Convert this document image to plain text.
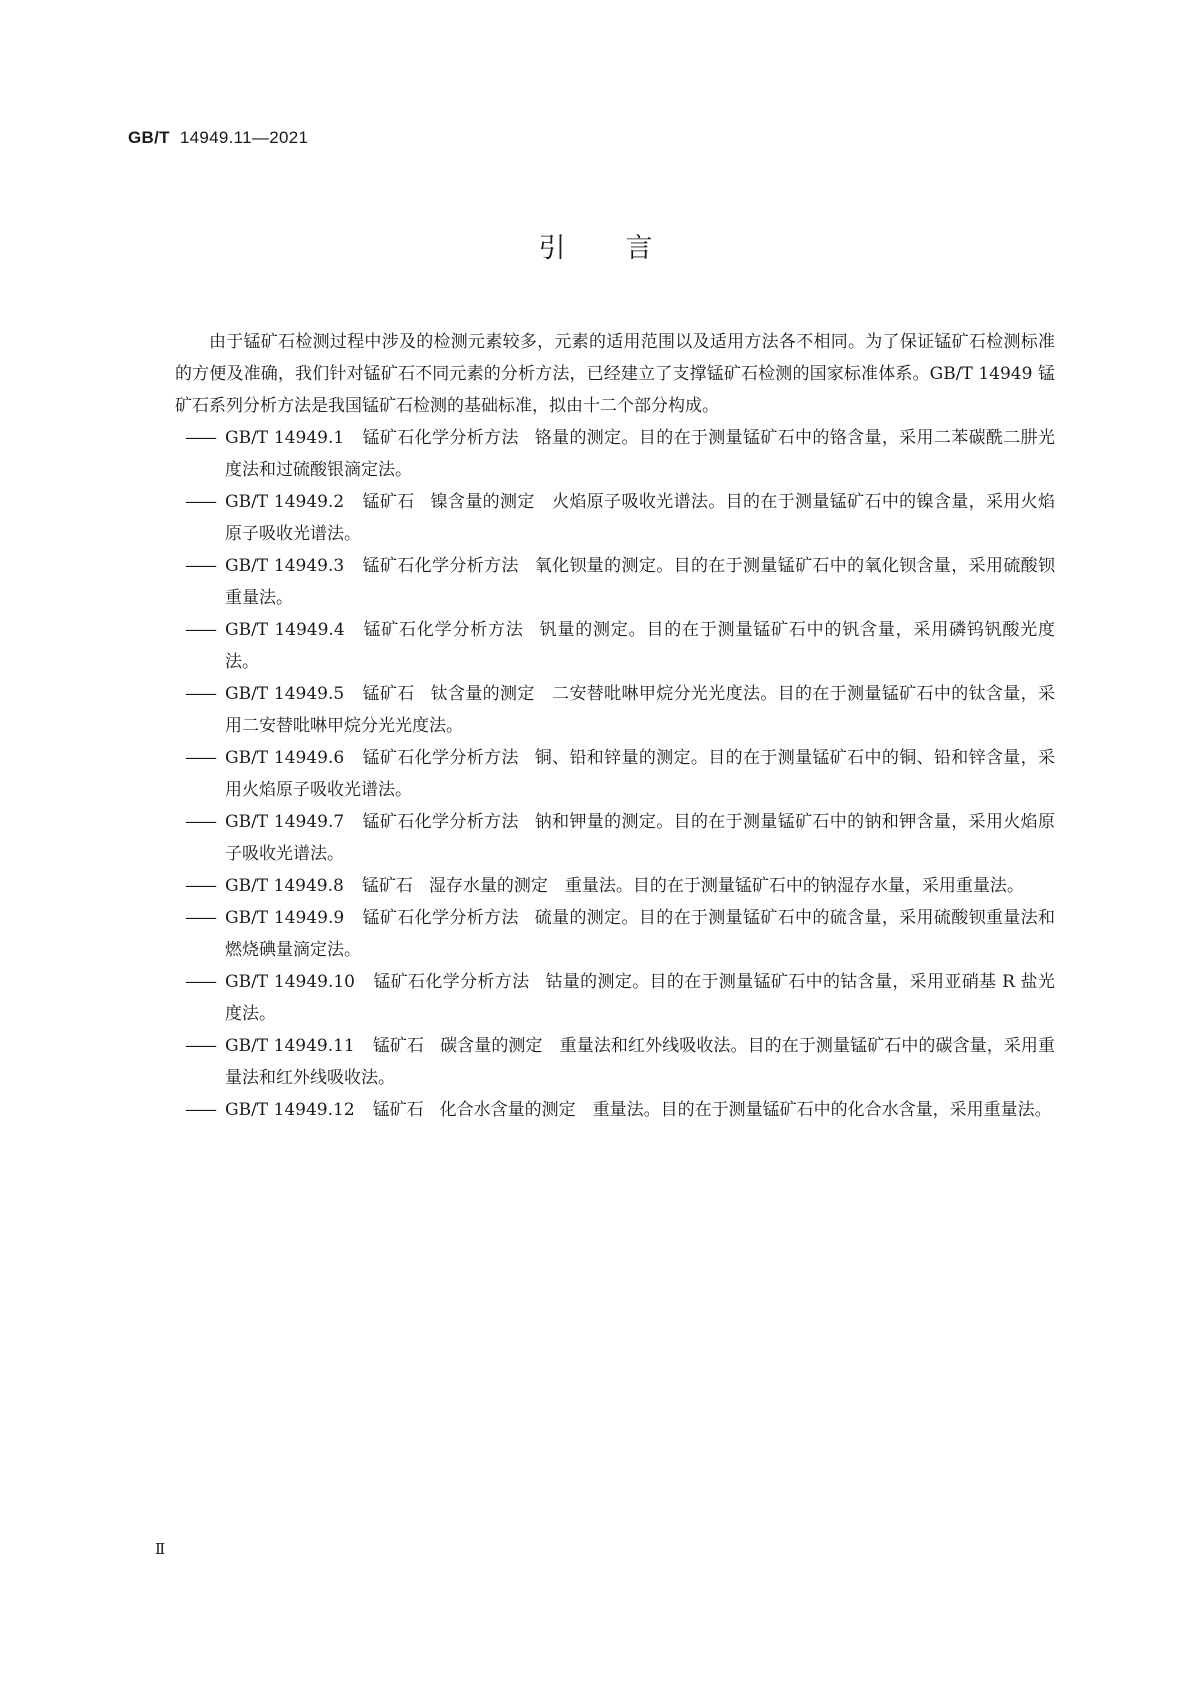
GB/T 14949.11—2021
引言

由于锰矿石检测过程中涉及的检测元素较多，元素的适用范围以及适用方法各不相同。为了保证锰矿石检测标准的方便及准确，我们针对锰矿石不同元素的分析方法，已经建立了支撑锰矿石检测的国家标准体系。GB/T 14949 锰矿石系列分析方法是我国锰矿石检测的基础标准，拟由十二个部分构成。

—— GB/T 14949.1 锰矿石化学分析方法 铬量的测定。目的在于测量锰矿石中的铬含量，采用二苯碳酰二肼光度法和过硫酸银滴定法。

—— GB/T 14949.2 锰矿石 镍含量的测定　火焰原子吸收光谱法。目的在于测量锰矿石中的镍含量，采用火焰原子吸收光谱法。

—— GB/T 14949.3 锰矿石化学分析方法 氧化钡量的测定。目的在于测量锰矿石中的氧化钡含量，采用硫酸钡重量法。

—— GB/T 14949.4 锰矿石化学分析方法 钒量的测定。目的在于测量锰矿石中的钒含量，采用磷钨钒酸光度法。

—— GB/T 14949.5 锰矿石 钛含量的测定　二安替吡啉甲烷分光光度法。目的在于测量锰矿石中的钛含量，采用二安替吡啉甲烷分光光度法。

—— GB/T 14949.6 锰矿石化学分析方法 铜、铅和锌量的测定。目的在于测量锰矿石中的铜、铅和锌含量，采用火焰原子吸收光谱法。

—— GB/T 14949.7 锰矿石化学分析方法 钠和钾量的测定。目的在于测量锰矿石中的钠和钾含量，采用火焰原子吸收光谱法。

—— GB/T 14949.8 锰矿石 湿存水量的测定　重量法。目的在于测量锰矿石中的钠湿存水量，采用重量法。

—— GB/T 14949.9 锰矿石化学分析方法 硫量的测定。目的在于测量锰矿石中的硫含量，采用硫酸钡重量法和燃烧碘量滴定法。

—— GB/T 14949.10 锰矿石化学分析方法 钴量的测定。目的在于测量锰矿石中的钴含量，采用亚硝基 R 盐光度法。

—— GB/T 14949.11 锰矿石 碳含量的测定　重量法和红外线吸收法。目的在于测量锰矿石中的碳含量，采用重量法和红外线吸收法。

—— GB/T 14949.12 锰矿石 化合水含量的测定　重量法。目的在于测量锰矿石中的化合水含量，采用重量法。

Ⅱ
